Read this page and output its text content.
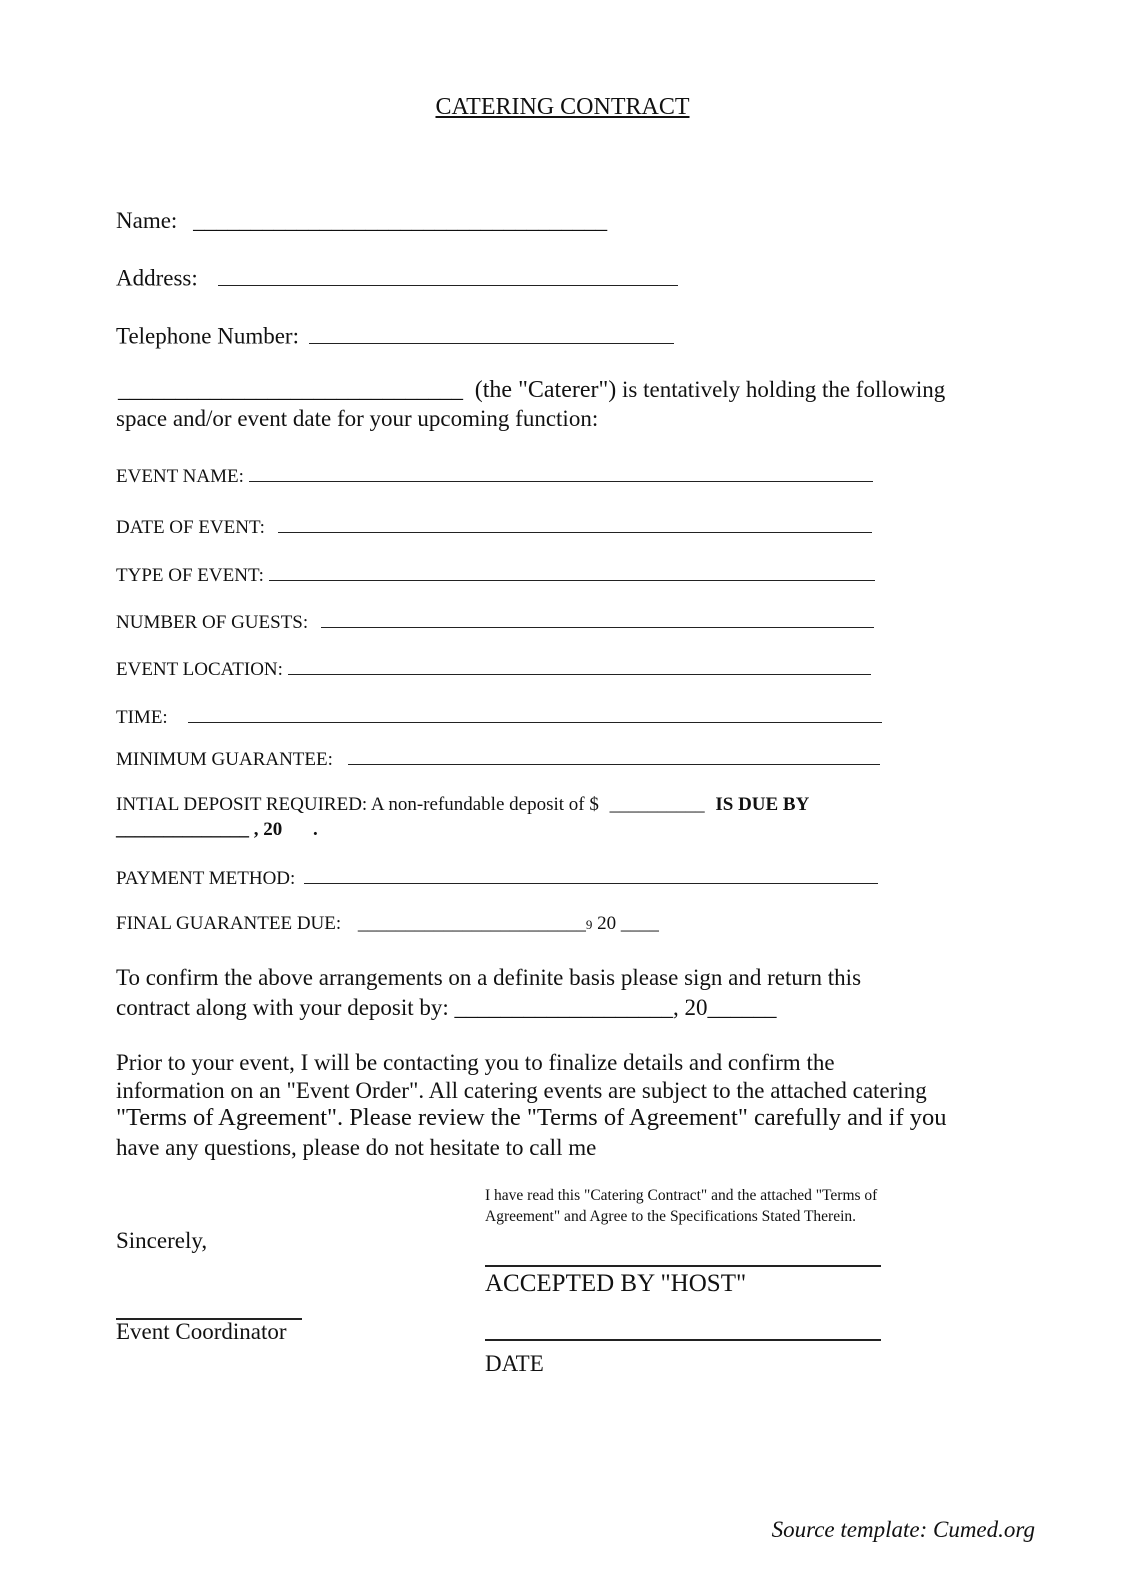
CATERING CONTRACT
Name: ____________________________________
Address:
Telephone Number:
______________________________ (the "Caterer") is tentatively holding the following
space and/or event date for your upcoming function:
EVENT NAME:
DATE OF EVENT:
TYPE OF EVENT:
NUMBER OF GUESTS:
EVENT LOCATION:
TIME:
MINIMUM GUARANTEE:
INTIAL DEPOSIT REQUIRED: A non-refundable deposit of $ __________ IS DUE BY
______________ , 20 .
PAYMENT METHOD:
FINAL GUARANTEE DUE: ________________________9 20 ____
To confirm the above arrangements on a definite basis please sign and return this
contract along with your deposit by: ___________________, 20______
Prior to your event, I will be contacting you to finalize details and confirm the
information on an "Event Order". All catering events are subject to the attached catering
"Terms of Agreement". Please review the "Terms of Agreement" carefully and if you
have any questions, please do not hesitate to call me
I have read this "Catering Contract" and the attached "Terms of
Agreement" and Agree to the Specifications Stated Therein.
Sincerely,
ACCEPTED BY "HOST"
Event Coordinator
DATE
Source template: Cumed.org
